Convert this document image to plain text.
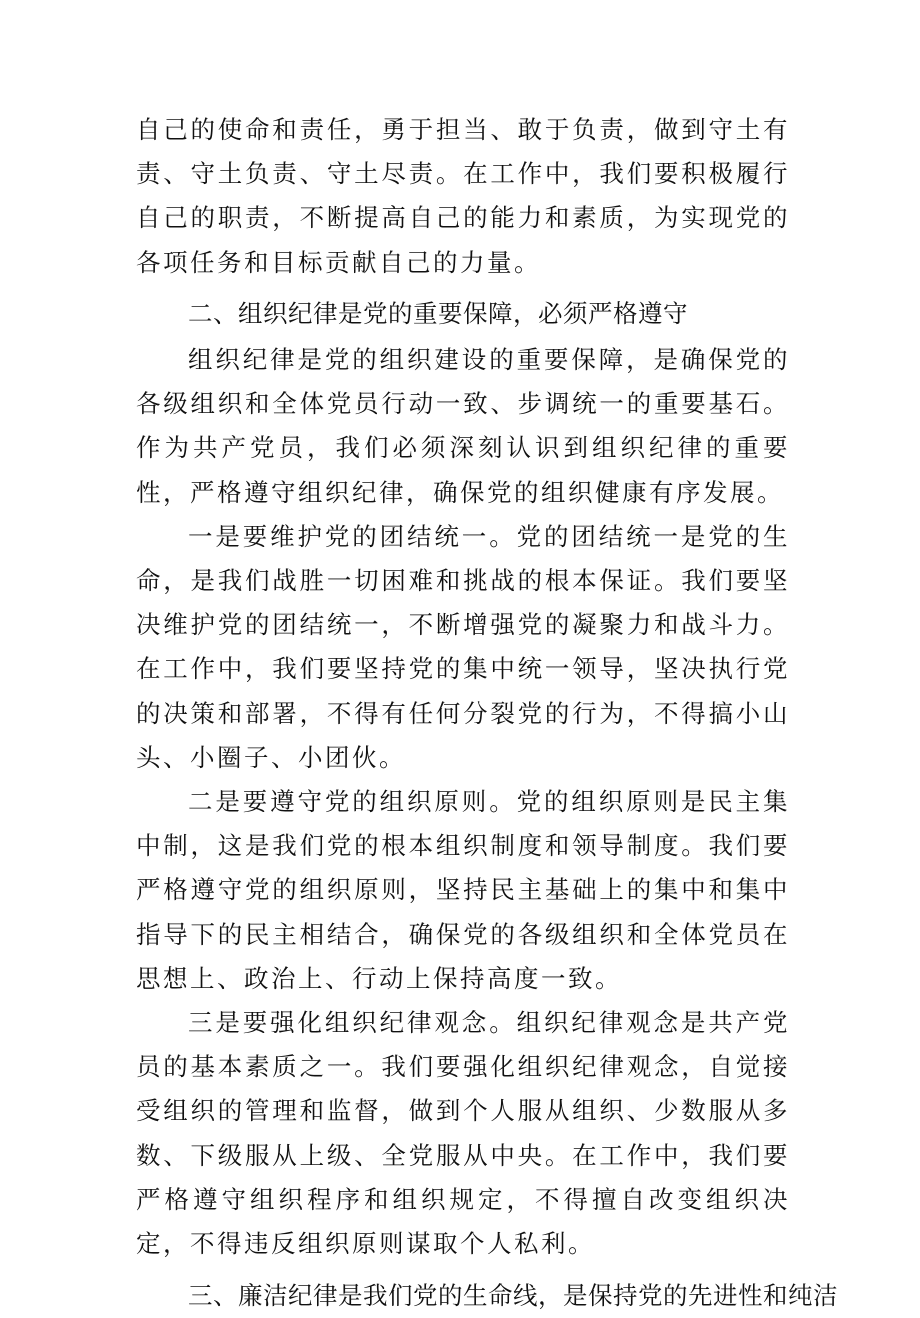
自己的使命和责任，勇于担当、敢于负责，做到守土有责、守土负责、守土尽责。在工作中，我们要积极履行自己的职责，不断提高自己的能力和素质，为实现党的各项任务和目标贡献自己的力量。

二、组织纪律是党的重要保障，必须严格遵守

组织纪律是党的组织建设的重要保障，是确保党的各级组织和全体党员行动一致、步调统一的重要基石。作为共产党员，我们必须深刻认识到组织纪律的重要性，严格遵守组织纪律，确保党的组织健康有序发展。

一是要维护党的团结统一。党的团结统一是党的生命，是我们战胜一切困难和挑战的根本保证。我们要坚决维护党的团结统一，不断增强党的凝聚力和战斗力。在工作中，我们要坚持党的集中统一领导，坚决执行党的决策和部署，不得有任何分裂党的行为，不得搞小山头、小圈子、小团伙。

二是要遵守党的组织原则。党的组织原则是民主集中制，这是我们党的根本组织制度和领导制度。我们要严格遵守党的组织原则，坚持民主基础上的集中和集中指导下的民主相结合，确保党的各级组织和全体党员在思想上、政治上、行动上保持高度一致。

三是要强化组织纪律观念。组织纪律观念是共产党员的基本素质之一。我们要强化组织纪律观念，自觉接受组织的管理和监督，做到个人服从组织、少数服从多数、下级服从上级、全党服从中央。在工作中，我们要严格遵守组织程序和组织规定，不得擅自改变组织决定，不得违反组织原则谋取个人私利。

三、廉洁纪律是我们党的生命线，是保持党的先进性和纯洁
